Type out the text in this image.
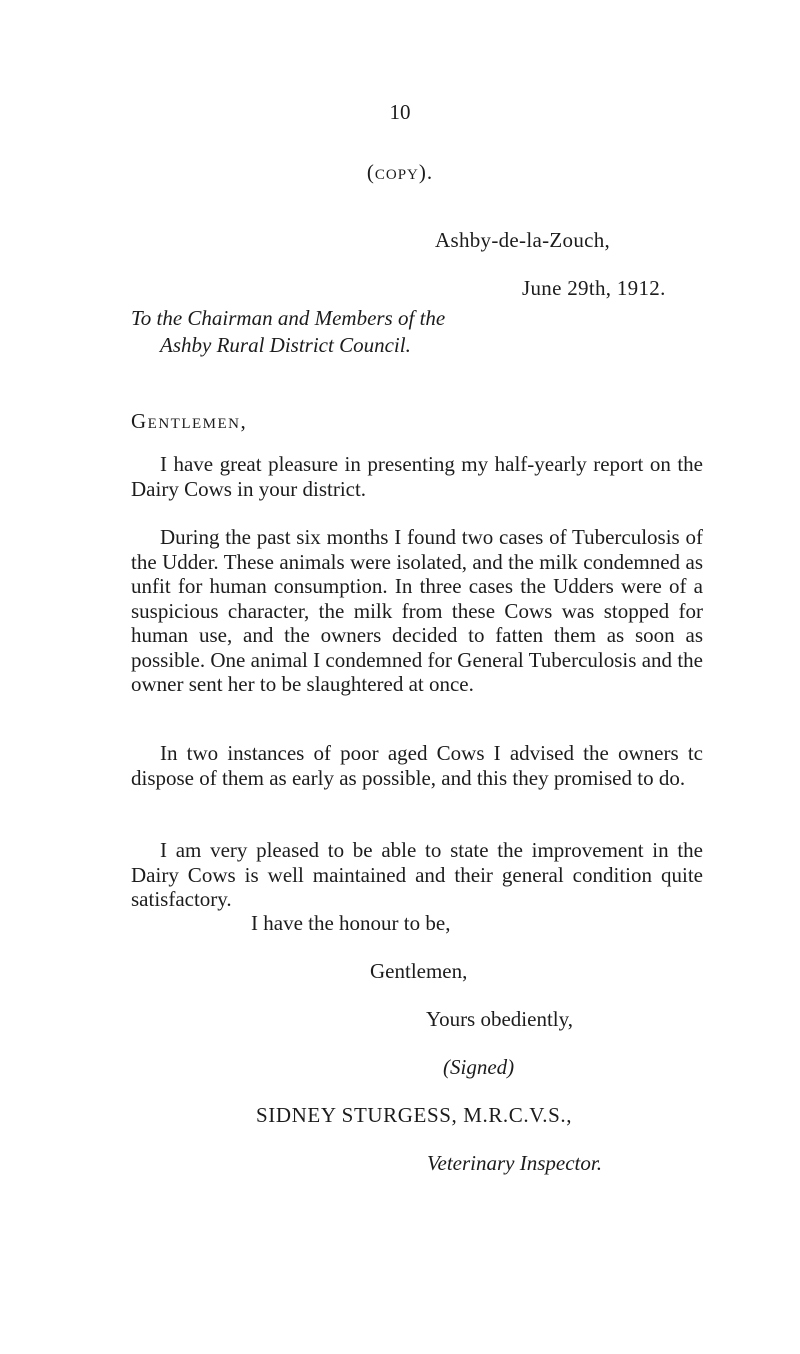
10
(copy).
Ashby-de-la-Zouch,
June 29th, 1912.
To the Chairman and Members of the
Ashby Rural District Council.
Gentlemen,

I have great pleasure in presenting my half-yearly report on the Dairy Cows in your district.

During the past six months I found two cases of Tuberculosis of the Udder. These animals were isolated, and the milk condemned as unfit for human consumption. In three cases the Udders were of a suspicious character, the milk from these Cows was stopped for human use, and the owners decided to fatten them as soon as possible. One animal I condemned for General Tuberculosis and the owner sent her to be slaughtered at once.

In two instances of poor aged Cows I advised the owners tc dispose of them as early as possible, and this they promised to do.

I am very pleased to be able to state the improvement in the Dairy Cows is well maintained and their general condition quite satisfactory.

I have the honour to be,
Gentlemen,
Yours obediently,
(Signed)
SIDNEY STURGESS, M.R.C.V.S.,
Veterinary Inspector.
